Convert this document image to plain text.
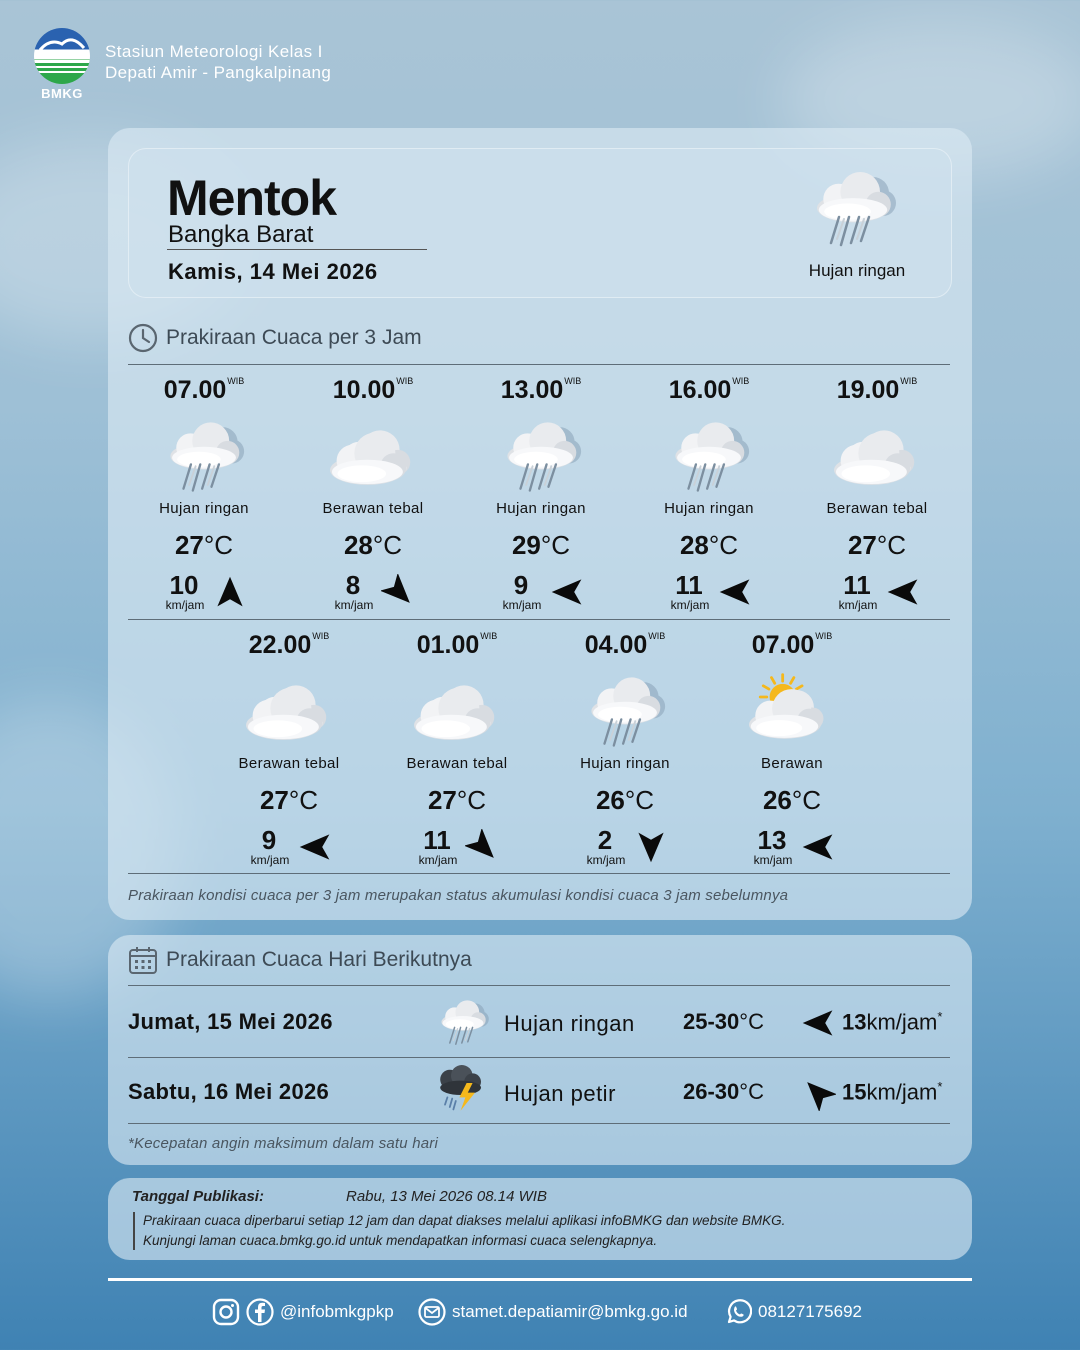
BMKG
Stasiun Meteorologi Kelas I
Depati Amir - Pangkalpinang
Mentok
Bangka Barat
Kamis, 14 Mei 2026	Hujan ringan
Prakiraan Cuaca per 3 Jam
$07.00^{WIB}$
Hujan ringan
27°C
10
km/jam
$10.00^{WIB}$
Berawan tebal
28°C
8
km/jam
$13.00^{WIB}$
Hujan ringan
29°C
9
km/jam
$16.00^{WIB}$
Hujan ringan
28°C
11
km/jam
$19.00^{WIB}$
Berawan tebal
27°C
11
km/jam
$22.00^{WIB}$
Berawan tebal
27°C
9
km/jam
$01.00^{WIB}$
Berawan tebal
27°C
11
km/jam
$04.00^{WIB}$
Hujan ringan
26°C
2
km/jam
$07.00^{WIB}$
Berawan
26°C
13
km/jam
Prakiraan kondisi cuaca per 3 jam merupakan status akumulasi kondisi cuaca 3 jam sebelumnya
Prakiraan Cuaca Hari Berikutnya
Jumat, 15 Mei 2026	Hujan ringan 25-30°C	13km/jam*
Sabtu, 16 Mei 2026	Hujan petir	26-30°C	15km/jam*
*Kecepatan angin maksimum dalam satu hari
Tanggal Publikasi:	Rabu, 13 Mei 2026 08.14 WIB
Prakiraan cuaca diperbarui setiap 12 jam dan dapat diakses melalui aplikasi infoBMKG dan website BMKG.
Kunjungi laman cuaca.bmkg.go.id untuk mendapatkan informasi cuaca selengkapnya.
@infobmkgpkp	stamet.depatiamir@bmkg.go.id	08127175692
